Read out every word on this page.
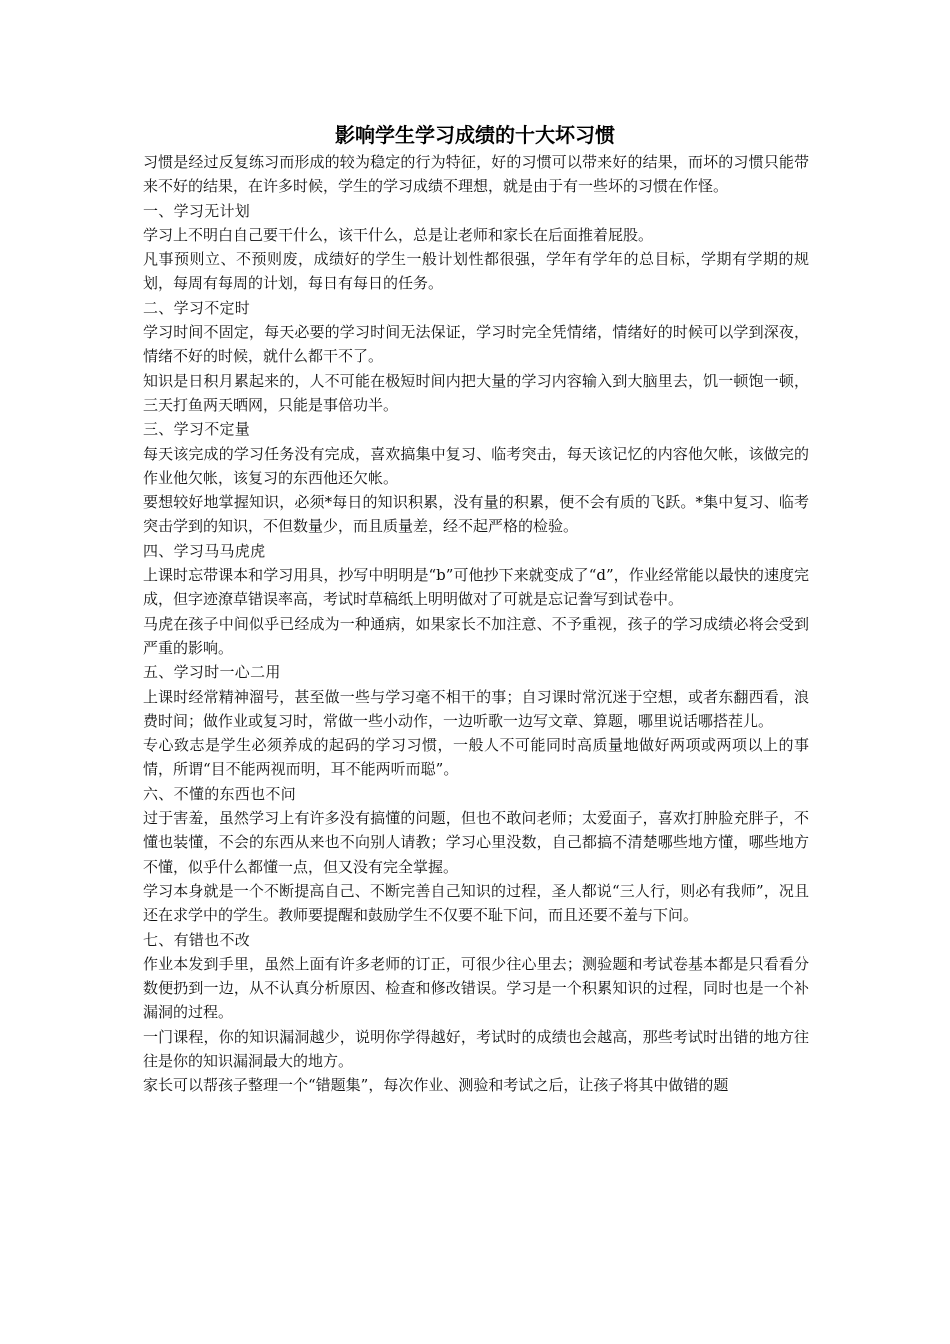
影响学生学习成绩的十大坏习惯

习惯是经过反复练习而形成的较为稳定的行为特征，好的习惯可以带来好的结果，而坏的习惯只能带来不好的结果，在许多时候，学生的学习成绩不理想，就是由于有一些坏的习惯在作怪。

一、学习无计划

学习上不明白自己要干什么，该干什么，总是让老师和家长在后面推着屁股。

凡事预则立、不预则废，成绩好的学生一般计划性都很强，学年有学年的总目标，学期有学期的规划，每周有每周的计划，每日有每日的任务。

二、学习不定时

学习时间不固定，每天必要的学习时间无法保证，学习时完全凭情绪，情绪好的时候可以学到深夜，情绪不好的时候，就什么都干不了。

知识是日积月累起来的，人不可能在极短时间内把大量的学习内容输入到大脑里去，饥一顿饱一顿，三天打鱼两天晒网，只能是事倍功半。

三、学习不定量

每天该完成的学习任务没有完成，喜欢搞集中复习、临考突击，每天该记忆的内容他欠帐，该做完的作业他欠帐，该复习的东西他还欠帐。

要想较好地掌握知识，必须*每日的知识积累，没有量的积累，便不会有质的飞跃。*集中复习、临考突击学到的知识，不但数量少，而且质量差，经不起严格的检验。

四、学习马马虎虎

上课时忘带课本和学习用具，抄写中明明是“b”可他抄下来就变成了“d”，作业经常能以最快的速度完成，但字迹潦草错误率高，考试时草稿纸上明明做对了可就是忘记誊写到试卷中。

马虎在孩子中间似乎已经成为一种通病，如果家长不加注意、不予重视，孩子的学习成绩必将会受到严重的影响。

五、学习时一心二用

上课时经常精神溜号，甚至做一些与学习毫不相干的事；自习课时常沉迷于空想，或者东翻西看，浪费时间；做作业或复习时，常做一些小动作，一边听歌一边写文章、算题，哪里说话哪搭茬儿。

专心致志是学生必须养成的起码的学习习惯，一般人不可能同时高质量地做好两项或两项以上的事情，所谓“目不能两视而明，耳不能两听而聪”。

六、不懂的东西也不问

过于害羞，虽然学习上有许多没有搞懂的问题，但也不敢问老师；太爱面子，喜欢打肿脸充胖子，不懂也装懂，不会的东西从来也不向别人请教；学习心里没数，自己都搞不清楚哪些地方懂，哪些地方不懂，似乎什么都懂一点，但又没有完全掌握。

学习本身就是一个不断提高自己、不断完善自己知识的过程，圣人都说“三人行，则必有我师”，况且还在求学中的学生。教师要提醒和鼓励学生不仅要不耻下问，而且还要不羞与下问。

七、有错也不改

作业本发到手里，虽然上面有许多老师的订正，可很少往心里去；测验题和考试卷基本都是只看看分数便扔到一边，从不认真分析原因、检查和修改错误。学习是一个积累知识的过程，同时也是一个补漏洞的过程。

一门课程，你的知识漏洞越少，说明你学得越好，考试时的成绩也会越高，那些考试时出错的地方往往是你的知识漏洞最大的地方。

家长可以帮孩子整理一个“错题集”，每次作业、测验和考试之后，让孩子将其中做错的题
